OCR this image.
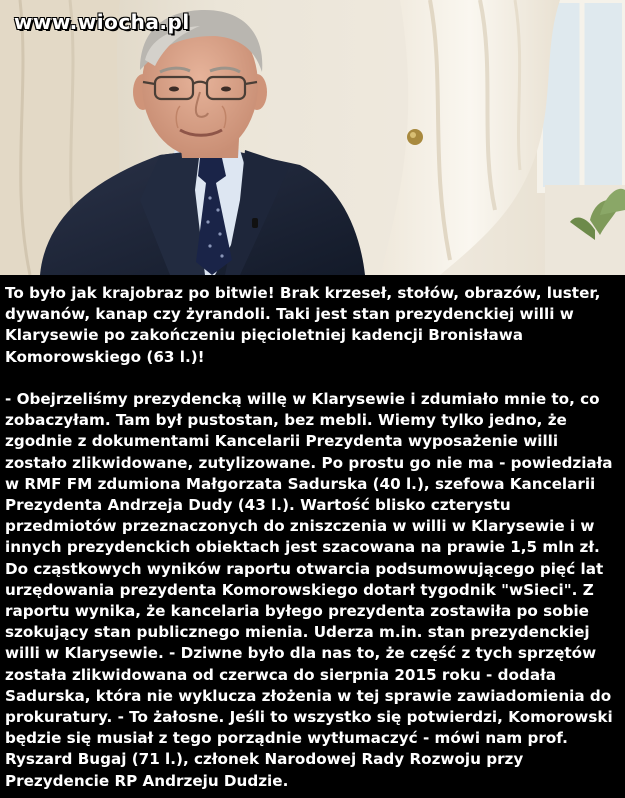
www.wiocha.pl

To było jak krajobraz po bitwie! Brak krzeseł, stołów, obrazów, luster, dywanów, kanap czy żyrandoli. Taki jest stan prezydenckiej willi w Klarysewie po zakończeniu pięcioletniej kadencji Bronisława Komorowskiego (63 l.)!

- Obejrzeliśmy prezydencką willę w Klarysewie i zdumiało mnie to, co zobaczyłam. Tam był pustostan, bez mebli. Wiemy tylko jedno, że zgodnie z dokumentami Kancelarii Prezydenta wyposażenie willi zostało zlikwidowane, zutylizowane. Po prostu go nie ma - powiedziała w RMF FM zdumiona Małgorzata Sadurska (40 l.), szefowa Kancelarii Prezydenta Andrzeja Dudy (43 l.). Wartość blisko czterystu przedmiotów przeznaczonych do zniszczenia w willi w Klarysewie i w innych prezydenckich obiektach jest szacowana na prawie 1,5 mln zł. Do cząstkowych wyników raportu otwarcia podsumowującego pięć lat urzędowania prezydenta Komorowskiego dotarł tygodnik "wSieci". Z raportu wynika, że kancelaria byłego prezydenta zostawiła po sobie szokujący stan publicznego mienia. Uderza m.in. stan prezydenckiej willi w Klarysewie. - Dziwne było dla nas to, że część z tych sprzętów została zlikwidowana od czerwca do sierpnia 2015 roku - dodała Sadurska, która nie wyklucza złożenia w tej sprawie zawiadomienia do prokuratury. - To żałosne. Jeśli to wszystko się potwierdzi, Komorowski będzie się musiał z tego porządnie wytłumaczyć - mówi nam prof. Ryszard Bugaj (71 l.), członek Narodowej Rady Rozwoju przy Prezydencie RP Andrzeju Dudzie.
